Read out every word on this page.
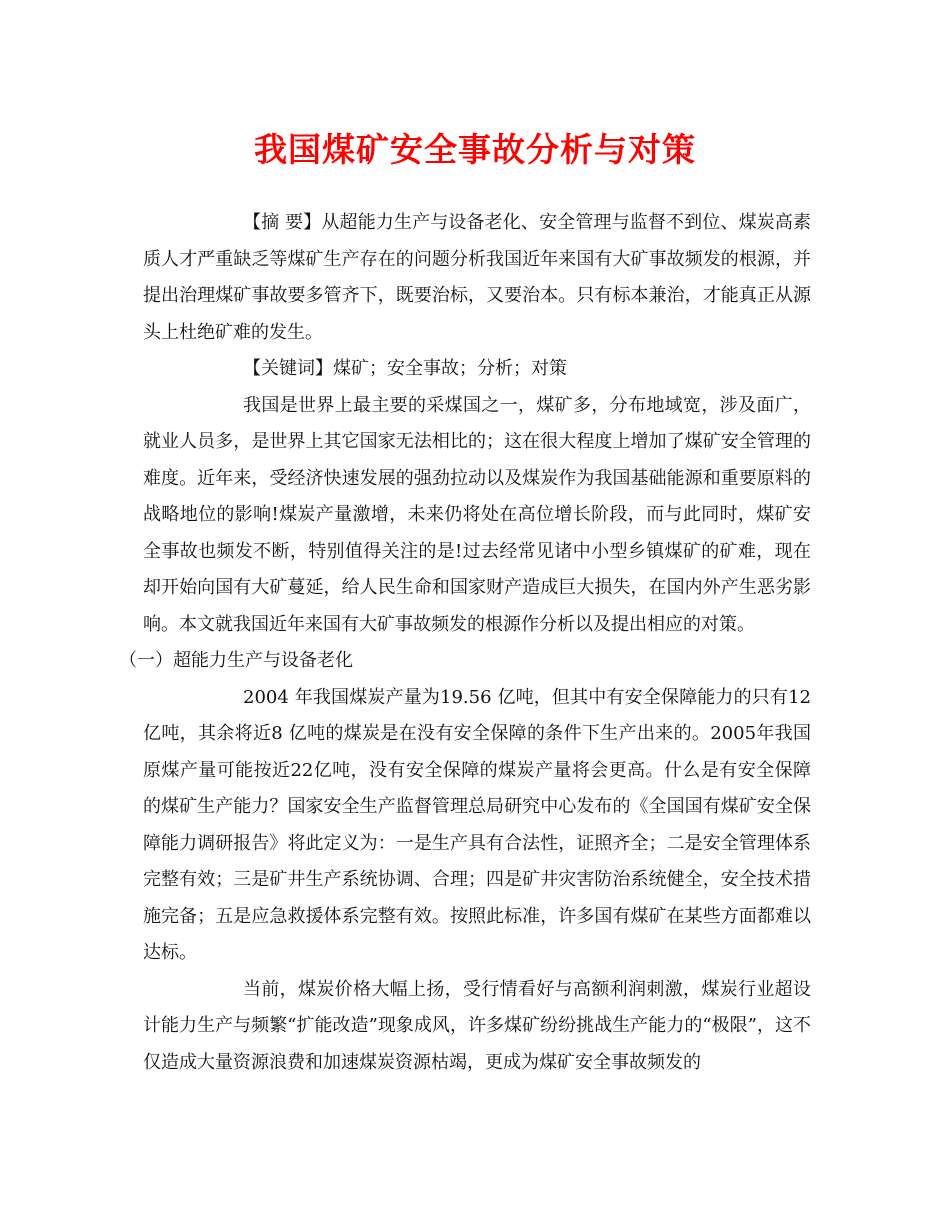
我国煤矿安全事故分析与对策

【摘 要】从超能力生产与设备老化、安全管理与监督不到位、煤炭高素质人才严重缺乏等煤矿生产存在的问题分析我国近年来国有大矿事故频发的根源，并提出治理煤矿事故要多管齐下，既要治标，又要治本。只有标本兼治，才能真正从源头上杜绝矿难的发生。

【关键词】煤矿；安全事故；分析；对策

我国是世界上最主要的采煤国之一，煤矿多，分布地域宽，涉及面广，就业人员多，是世界上其它国家无法相比的；这在很大程度上增加了煤矿安全管理的难度。近年来，受经济快速发展的强劲拉动以及煤炭作为我国基础能源和重要原料的战略地位的影响!煤炭产量激增，未来仍将处在高位增长阶段，而与此同时，煤矿安全事故也频发不断，特别值得关注的是!过去经常见诸中小型乡镇煤矿的矿难，现在却开始向国有大矿蔓延，给人民生命和国家财产造成巨大损失，在国内外产生恶劣影响。本文就我国近年来国有大矿事故频发的根源作分析以及提出相应的对策。

（一）超能力生产与设备老化

2004 年我国煤炭产量为19.56 亿吨，但其中有安全保障能力的只有12 亿吨，其余将近8 亿吨的煤炭是在没有安全保障的条件下生产出来的。2005年我国原煤产量可能按近22亿吨，没有安全保障的煤炭产量将会更高。什么是有安全保障的煤矿生产能力？国家安全生产监督管理总局研究中心发布的《全国国有煤矿安全保障能力调研报告》将此定义为：一是生产具有合法性，证照齐全；二是安全管理体系完整有效；三是矿井生产系统协调、合理；四是矿井灾害防治系统健全，安全技术措施完备；五是应急救援体系完整有效。按照此标准，许多国有煤矿在某些方面都难以达标。

当前，煤炭价格大幅上扬，受行情看好与高额利润刺激，煤炭行业超设计能力生产与频繁“扩能改造”现象成风，许多煤矿纷纷挑战生产能力的“极限”，这不仅造成大量资源浪费和加速煤炭资源枯竭，更成为煤矿安全事故频发的
